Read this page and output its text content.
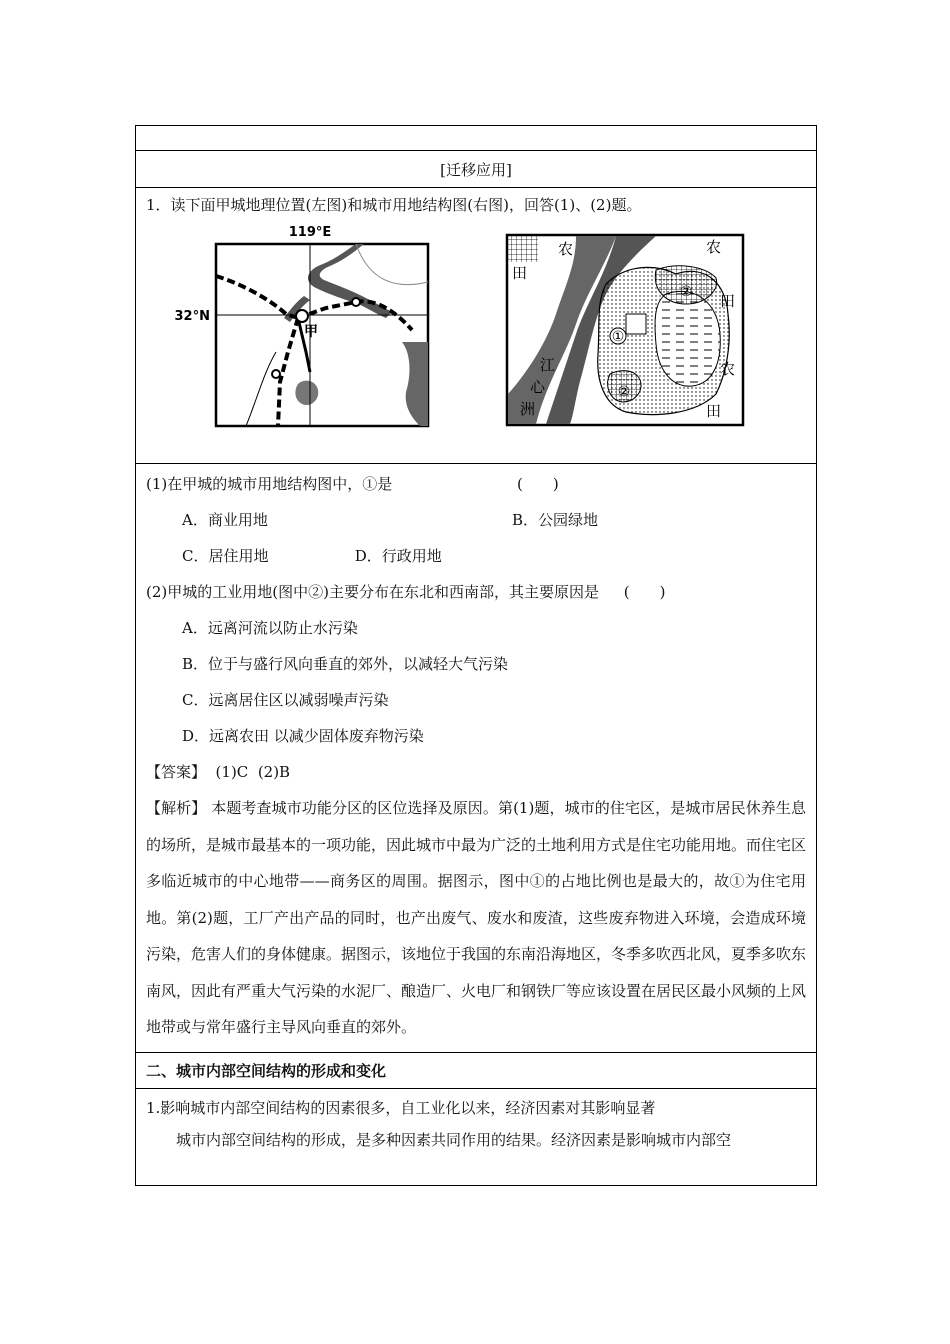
[迁移应用]
1．读下面甲城地理位置(左图)和城市用地结构图(右图)，回答(1)、(2)题。
119°E
32°N
甲	①
②
②
农
田
农
田
农
田
江
心
洲
(1)在甲城的城市用地结构图中，①是	(　　)
A．商业用地	B．公园绿地
C．居住用地	D．行政用地
(2)甲城的工业用地(图中②)主要分布在东北和西南部，其主要原因是 (　　)
A．远离河流以防止水污染
B．位于与盛行风向垂直的郊外，以减轻大气污染
C．远离居住区以减弱噪声污染
D．远离农田 以减少固体废弃物污染
【答案】  (1)C  (2)B
【解析】 本题考查城市功能分区的区位选择及原因。第(1)题，城市的住宅区，是城市居民休养生息的场所，是城市最基本的一项功能，因此城市中最为广泛的土地利用方式是住宅功能用地。而住宅区多临近城市的中心地带——商务区的周围。据图示，图中①的占地比例也是最大的，故①为住宅用地。第(2)题，工厂产出产品的同时，也产出废气、废水和废渣，这些废弃物进入环境，会造成环境污染，危害人们的身体健康。据图示，该地位于我国的东南沿海地区，冬季多吹西北风，夏季多吹东南风，因此有严重大气污染的水泥厂、酿造厂、火电厂和钢铁厂等应该设置在居民区最小风频的上风地带或与常年盛行主导风向垂直的郊外。
二、城市内部空间结构的形成和变化
1.影响城市内部空间结构的因素很多，自工业化以来，经济因素对其影响显著
城市内部空间结构的形成，是多种因素共同作用的结果。经济因素是影响城市内部空
